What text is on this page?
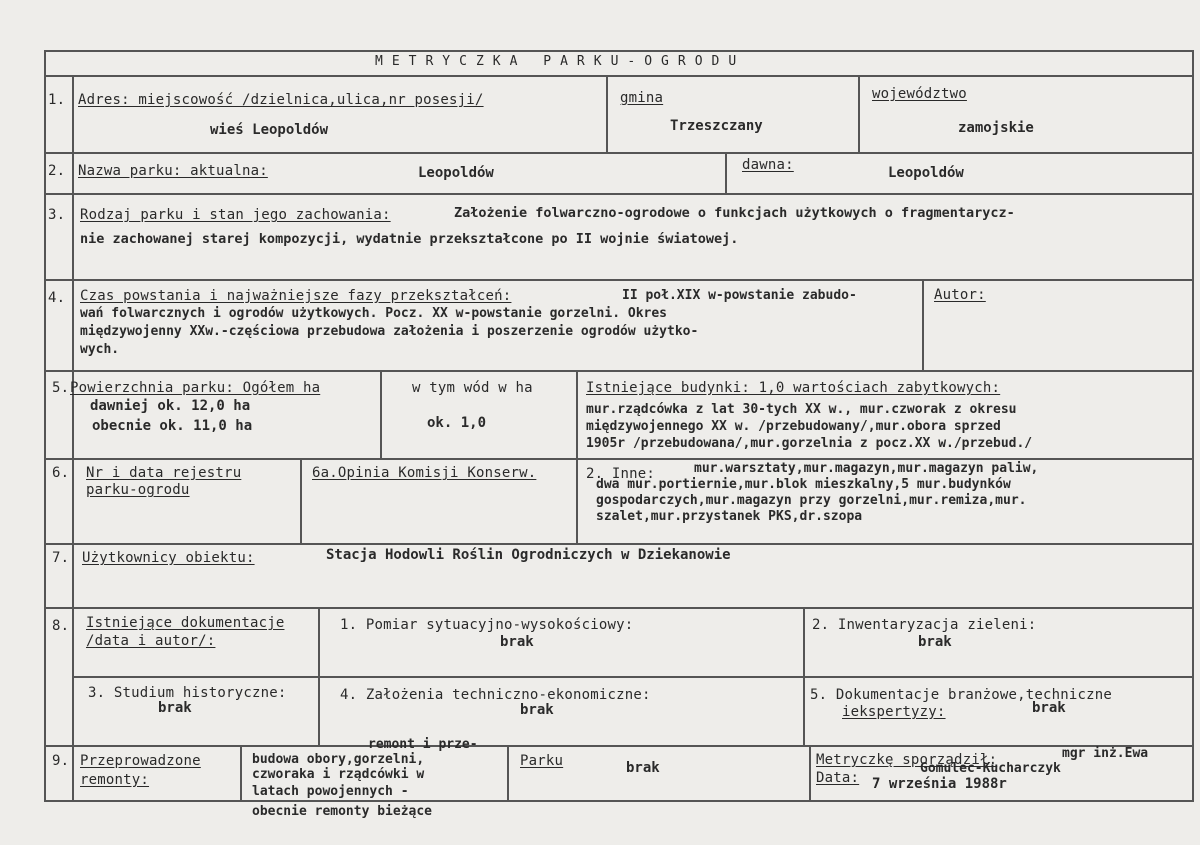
METRYCZKA PARKU-OGRODU
1. Adres: miejscowość /dzielnica,ulica,nr posesji/
wieś Leopoldów
gmina
Trzeszczany
województwo
zamojskie
2. Nazwa parku: aktualna:	Leopoldów	dawna:	Leopoldów
3. Rodzaj parku i stan jego zachowania:	Założenie folwarczno-ogrodowe o funkcjach użytkowych o fragmentarycz-
nie zachowanej starej kompozycji, wydatnie przekształcone po II wojnie światowej.
4. Czas powstania i najważniejsze fazy przekształceń:	II poł.XIX w-powstanie zabudo-
wań folwarcznych i ogrodów użytkowych. Pocz. XX w-powstanie gorzelni. Okres
międzywojenny XXw.-częściowa przebudowa założenia i poszerzenie ogrodów użytko-
wych.
Autor:
5. Powierzchnia parku: Ogółem ha
dawniej ok. 12,0 ha
obecnie ok. 11,0 ha
w tym wód w ha
ok. 1,0
Istniejące budynki: 1,0 wartościach zabytkowych:
mur.rządcówka z lat 30-tych XX w., mur.czworak z okresu
międzywojennego XX w. /przebudowany/,mur.obora sprzed
1905r /przebudowana/,mur.gorzelnia z pocz.XX w./przebud./
6. Nr i data rejestru
parku-ogrodu
6a.Opinia Komisji Konserw.	2. Inne:	mur.warsztaty,mur.magazyn,mur.magazyn paliw,
dwa mur.portiernie,mur.blok mieszkalny,5 mur.budynków
gospodarczych,mur.magazyn przy gorzelni,mur.remiza,mur.
szalet,mur.przystanek PKS,dr.szopa
7. Użytkownicy obiektu:	Stacja Hodowli Roślin Ogrodniczych w Dziekanowie
8. Istniejące dokumentacje
/data i autor/:
1. Pomiar sytuacyjno-wysokościowy:
brak
2. Inwentaryzacja zieleni:
brak
3. Studium historyczne:
brak
4. Założenia techniczno-ekonomiczne:
brak
5. Dokumentacje branżowe,techniczne
iekspertyzy:	brak
9. Przeprowadzone
remonty:
remont i prze-
budowa obory,gorzelni,
czworaka i rządcówki w
latach powojennych -
obecnie remonty bieżące
Parku	brak	Metryczkę sporządził:	mgr inż.Ewa
Gomulec-Kucharczyk
Data: 7 września 1988r
